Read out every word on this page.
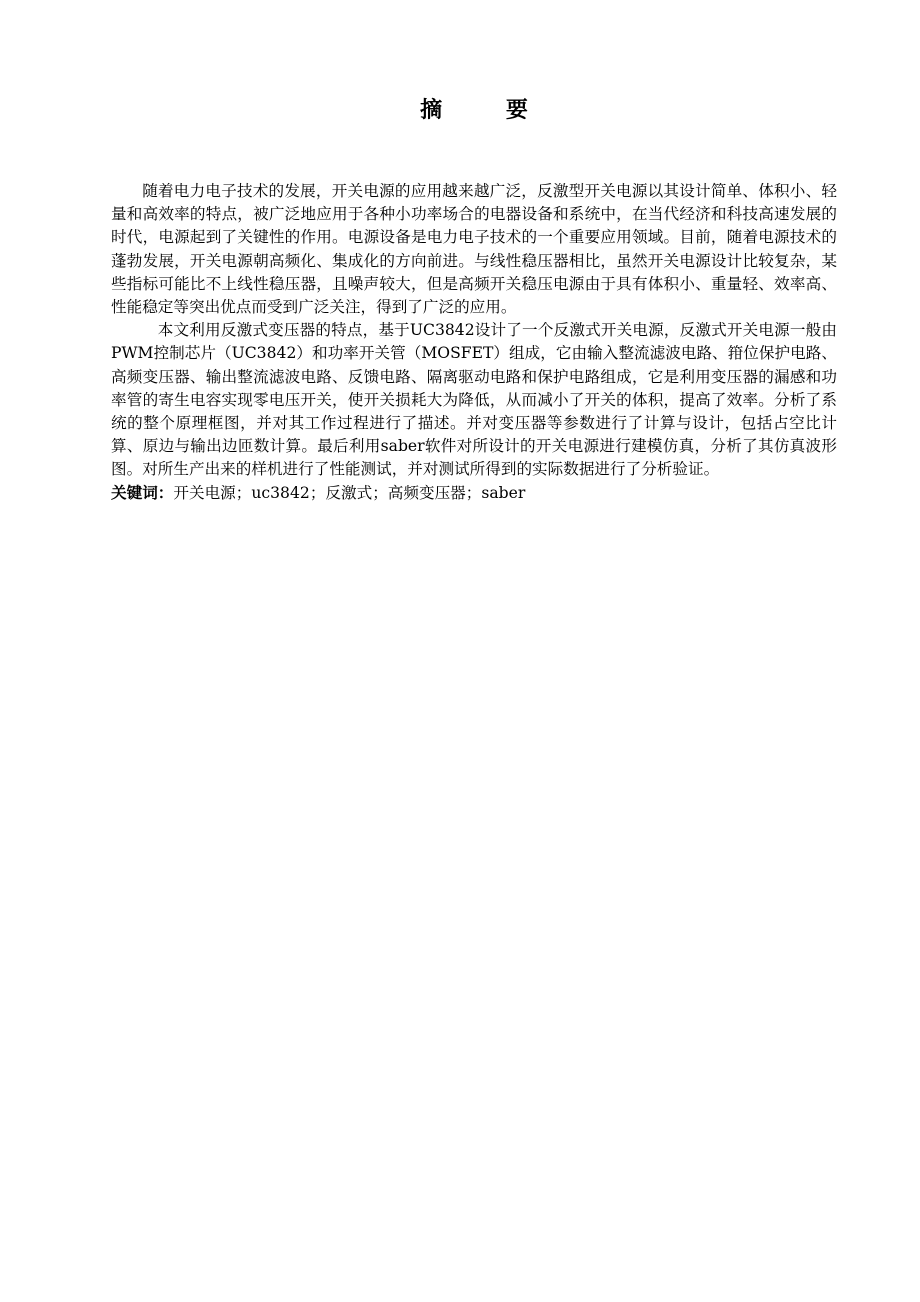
摘 要

随着电力电子技术的发展，开关电源的应用越来越广泛，反激型开关电源以其设计简单、体积小、轻量和高效率的特点，被广泛地应用于各种小功率场合的电器设备和系统中，在当代经济和科技高速发展的时代，电源起到了关键性的作用。电源设备是电力电子技术的一个重要应用领域。目前，随着电源技术的蓬勃发展，开关电源朝高频化、集成化的方向前进。与线性稳压器相比，虽然开关电源设计比较复杂，某些指标可能比不上线性稳压器，且噪声较大，但是高频开关稳压电源由于具有体积小、重量轻、效率高、性能稳定等突出优点而受到广泛关注，得到了广泛的应用。

本文利用反激式变压器的特点，基于UC3842设计了一个反激式开关电源，反激式开关电源一般由PWM控制芯片（UC3842）和功率开关管（MOSFET）组成，它由输入整流滤波电路、箝位保护电路、高频变压器、输出整流滤波电路、反馈电路、隔离驱动电路和保护电路组成，它是利用变压器的漏感和功率管的寄生电容实现零电压开关，使开关损耗大为降低，从而减小了开关的体积，提高了效率。分析了系统的整个原理框图，并对其工作过程进行了描述。并对变压器等参数进行了计算与设计，包括占空比计算、原边与输出边匝数计算。最后利用saber软件对所设计的开关电源进行建模仿真，分析了其仿真波形图。对所生产出来的样机进行了性能测试，并对测试所得到的实际数据进行了分析验证。

关键词：开关电源；uc3842；反激式；高频变压器；saber
